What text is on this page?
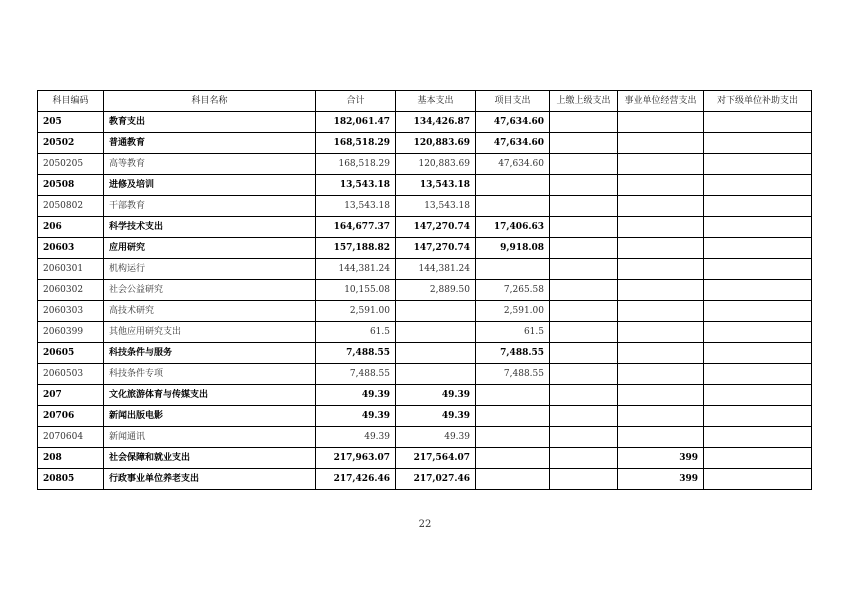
科目编码	科目名称	合计	基本支出	项目支出	上缴上级支出	事业单位经营支出	对下级单位补助支出
205	教育支出	182,061.47	134,426.87	47,634.60			
20502	普通教育	168,518.29	120,883.69	47,634.60			
2050205	高等教育	168,518.29	120,883.69	47,634.60			
20508	进修及培训	13,543.18	13,543.18				
2050802	干部教育	13,543.18	13,543.18				
206	科学技术支出	164,677.37	147,270.74	17,406.63			
20603	应用研究	157,188.82	147,270.74	9,918.08			
2060301	机构运行	144,381.24	144,381.24				
2060302	社会公益研究	10,155.08	2,889.50	7,265.58			
2060303	高技术研究	2,591.00		2,591.00			
2060399	其他应用研究支出	61.5		61.5			
20605	科技条件与服务	7,488.55		7,488.55			
2060503	科技条件专项	7,488.55		7,488.55			
207	文化旅游体育与传媒支出	49.39	49.39				
20706	新闻出版电影	49.39	49.39				
2070604	新闻通讯	49.39	49.39				
208	社会保障和就业支出	217,963.07	217,564.07			399	
20805	行政事业单位养老支出	217,426.46	217,027.46			399	
22
